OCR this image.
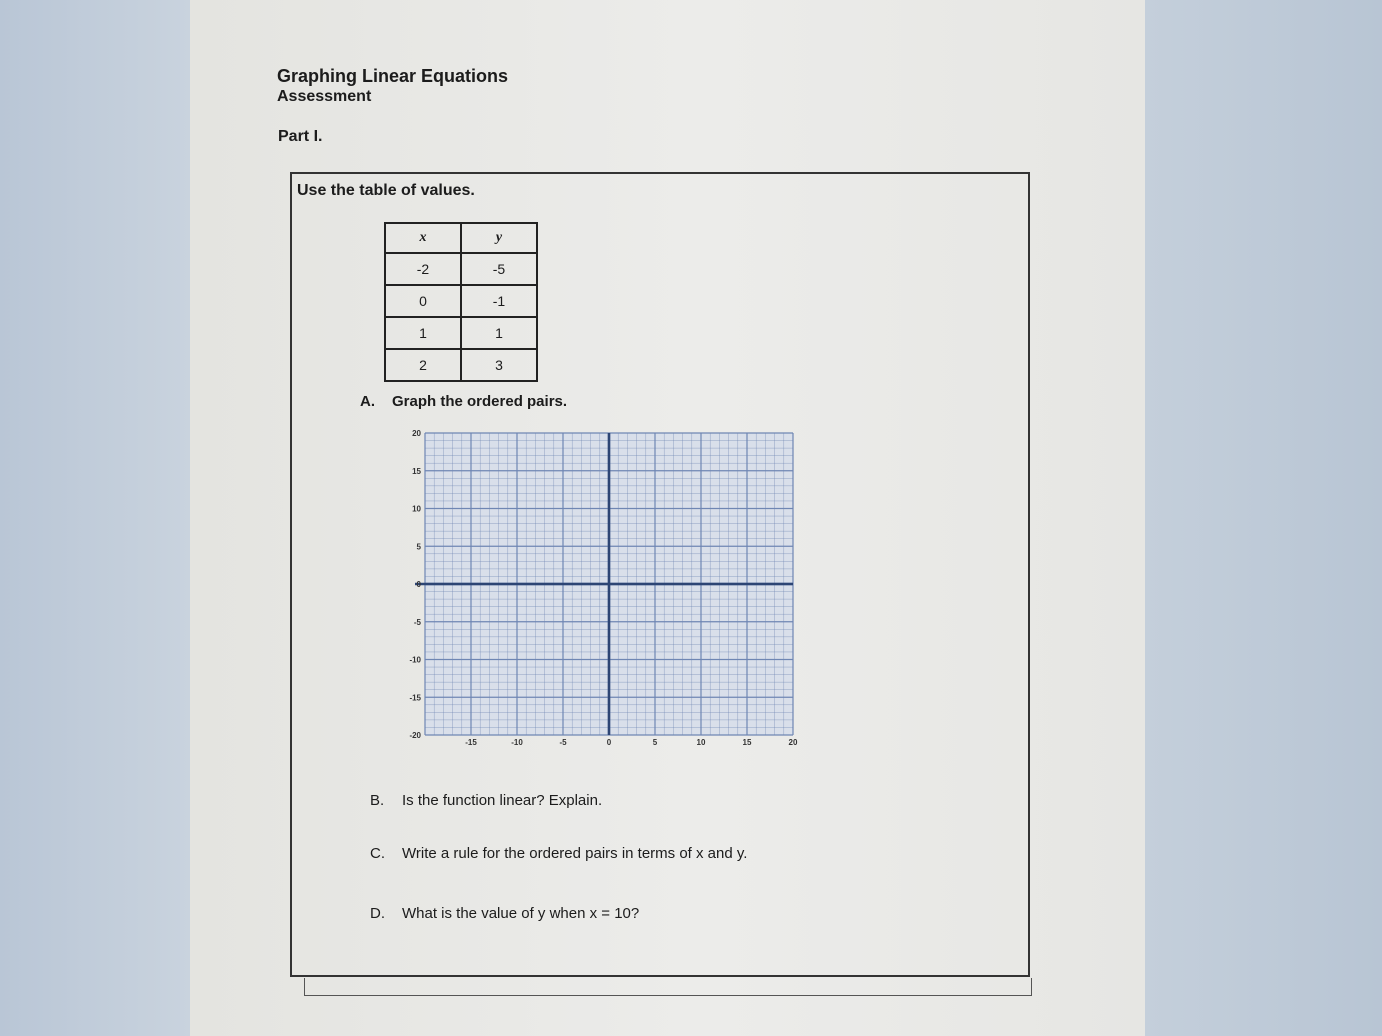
Graphing Linear Equations
Assessment
Part I.
Use the table of values.
x	y
-2	-5
0	-1
1	1
2	3
A. Graph the ordered pairs.
20
15
10
5
0
-5
-10
-15
-20
-15	-10	-5	0	5	10	15	20
B. Is the function linear? Explain.
C. Write a rule for the ordered pairs in terms of x and y.
D. What is the value of y when x = 10?
